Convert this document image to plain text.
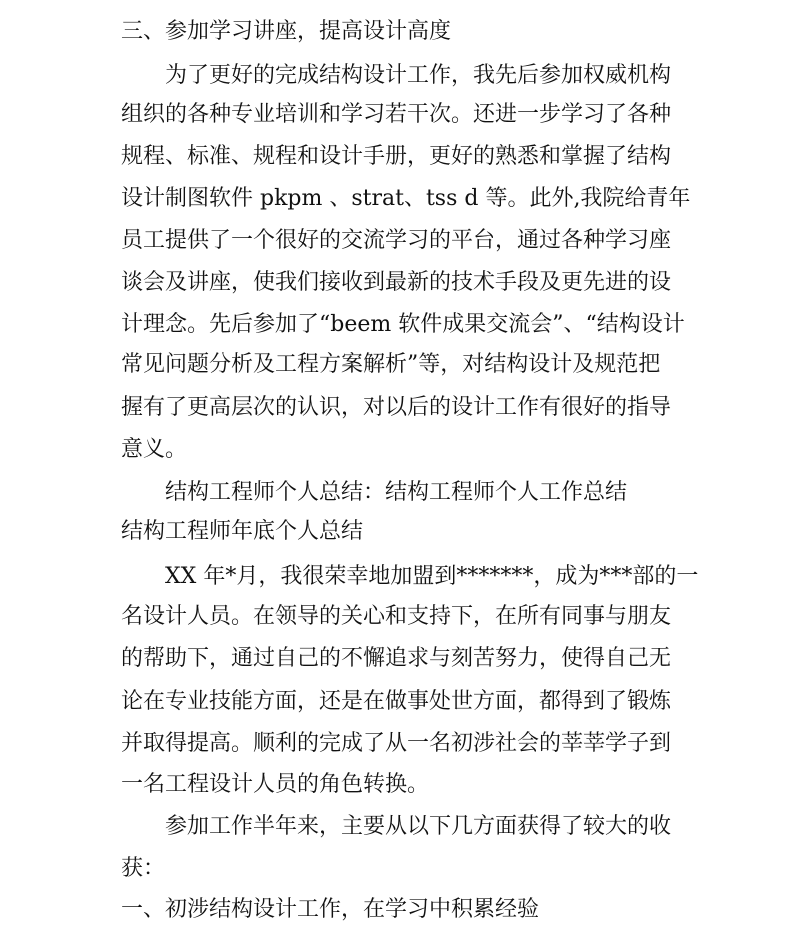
三、参加学习讲座，提高设计高度
　　为了更好的完成结构设计工作，我先后参加权威机构
组织的各种专业培训和学习若干次。还进一步学习了各种
规程、标准、规程和设计手册，更好的熟悉和掌握了结构
设计制图软件 pkpm 、strat、tss d 等。此外,我院给青年
员工提供了一个很好的交流学习的平台，通过各种学习座
谈会及讲座，使我们接收到最新的技术手段及更先进的设
计理念。先后参加了“beem 软件成果交流会”、“结构设计
常见问题分析及工程方案解析”等，对结构设计及规范把
握有了更高层次的认识，对以后的设计工作有很好的指导
意义。
　　结构工程师个人总结：结构工程师个人工作总结
结构工程师年底个人总结
　　XX 年*月，我很荣幸地加盟到*******，成为***部的一
名设计人员。在领导的关心和支持下，在所有同事与朋友
的帮助下，通过自己的不懈追求与刻苦努力，使得自己无
论在专业技能方面，还是在做事处世方面，都得到了锻炼
并取得提高。顺利的完成了从一名初涉社会的莘莘学子到
一名工程设计人员的角色转换。
　　参加工作半年来，主要从以下几方面获得了较大的收
获：
一、初涉结构设计工作，在学习中积累经验
